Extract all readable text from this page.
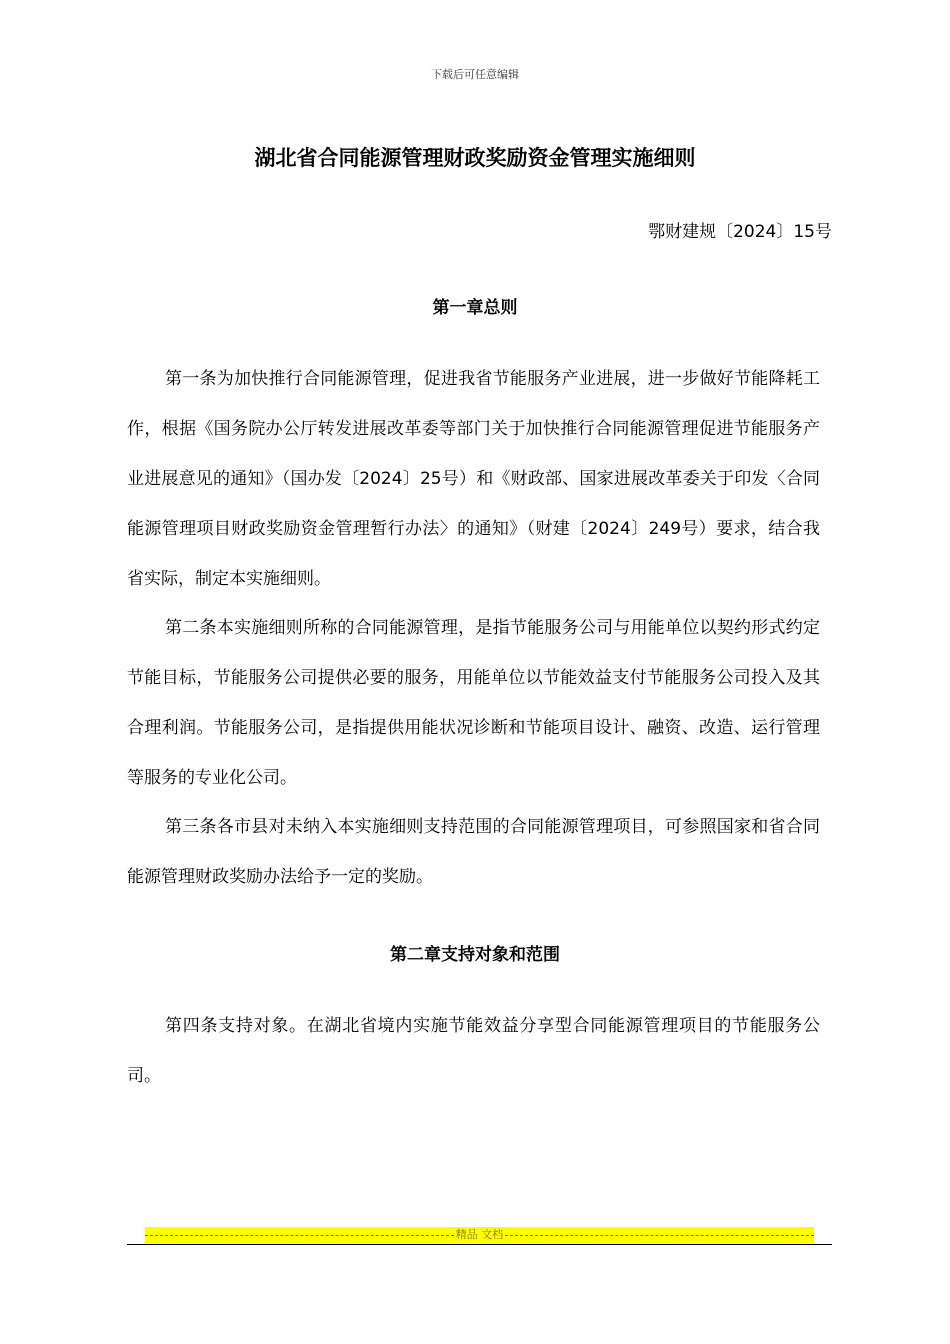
下载后可任意编辑
湖北省合同能源管理财政奖励资金管理实施细则
鄂财建规〔2024〕15号
第一章总则

第一条为加快推行合同能源管理，促进我省节能服务产业进展，进一步做好节能降耗工作，根据《国务院办公厅转发进展改革委等部门关于加快推行合同能源管理促进节能服务产业进展意见的通知》（国办发〔2024〕25号）和《财政部、国家进展改革委关于印发〈合同能源管理项目财政奖励资金管理暂行办法〉的通知》（财建〔2024〕249号）要求，结合我省实际，制定本实施细则。

第二条本实施细则所称的合同能源管理，是指节能服务公司与用能单位以契约形式约定节能目标，节能服务公司提供必要的服务，用能单位以节能效益支付节能服务公司投入及其合理利润。节能服务公司，是指提供用能状况诊断和节能项目设计、融资、改造、运行管理等服务的专业化公司。

第三条各市县对未纳入本实施细则支持范围的合同能源管理项目，可参照国家和省合同能源管理财政奖励办法给予一定的奖励。

第二章支持对象和范围

第四条支持对象。在湖北省境内实施节能效益分享型合同能源管理项目的节能服务公司。

精品 文档
